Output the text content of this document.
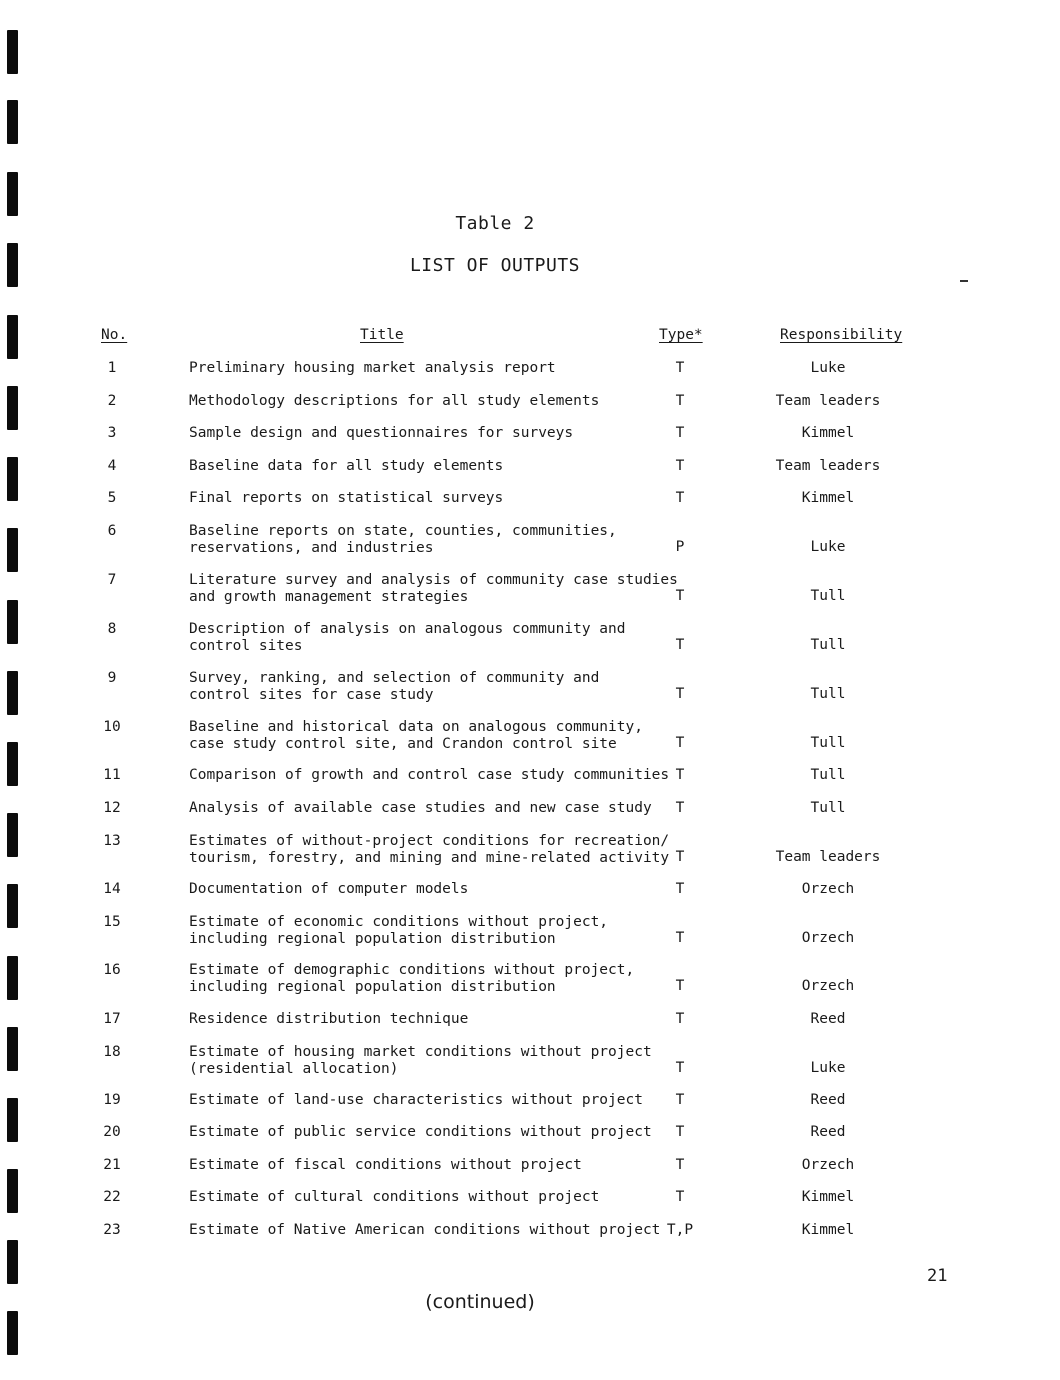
Table 2
LIST OF OUTPUTS
No.	Title	Type*	Responsibility
1	Preliminary housing market analysis report	T	Luke
2	Methodology descriptions for all study elements	T	Team leaders
3	Sample design and questionnaires for surveys	T	Kimmel
4	Baseline data for all study elements	T	Team leaders
5	Final reports on statistical surveys	T	Kimmel
6	Baseline reports on state, counties, communities,
reservations, and industries	P	Luke
7	Literature survey and analysis of community case studies
and growth management strategies	T	Tull
8	Description of analysis on analogous community and
control sites	T	Tull
9	Survey, ranking, and selection of community and
control sites for case study	T	Tull
10	Baseline and historical data on analogous community,
case study control site, and Crandon control site	T	Tull
11	Comparison of growth and control case study communities T	Tull
12	Analysis of available case studies and new case study	T	Tull
13	Estimates of without-project conditions for recreation/
tourism, forestry, and mining and mine-related activity T	Team leaders
14	Documentation of computer models	T	Orzech
15	Estimate of economic conditions without project,
including regional population distribution	T	Orzech
16	Estimate of demographic conditions without project,
including regional population distribution	T	Orzech
17	Residence distribution technique	T	Reed
18	Estimate of housing market conditions without project
(residential allocation)	T	Luke
19	Estimate of land-use characteristics without project	T	Reed
20	Estimate of public service conditions without project	T	Reed
21	Estimate of fiscal conditions without project	T	Orzech
22	Estimate of cultural conditions without project	T	Kimmel
23	Estimate of Native American conditions without project T,P	Kimmel
21
(continued)
